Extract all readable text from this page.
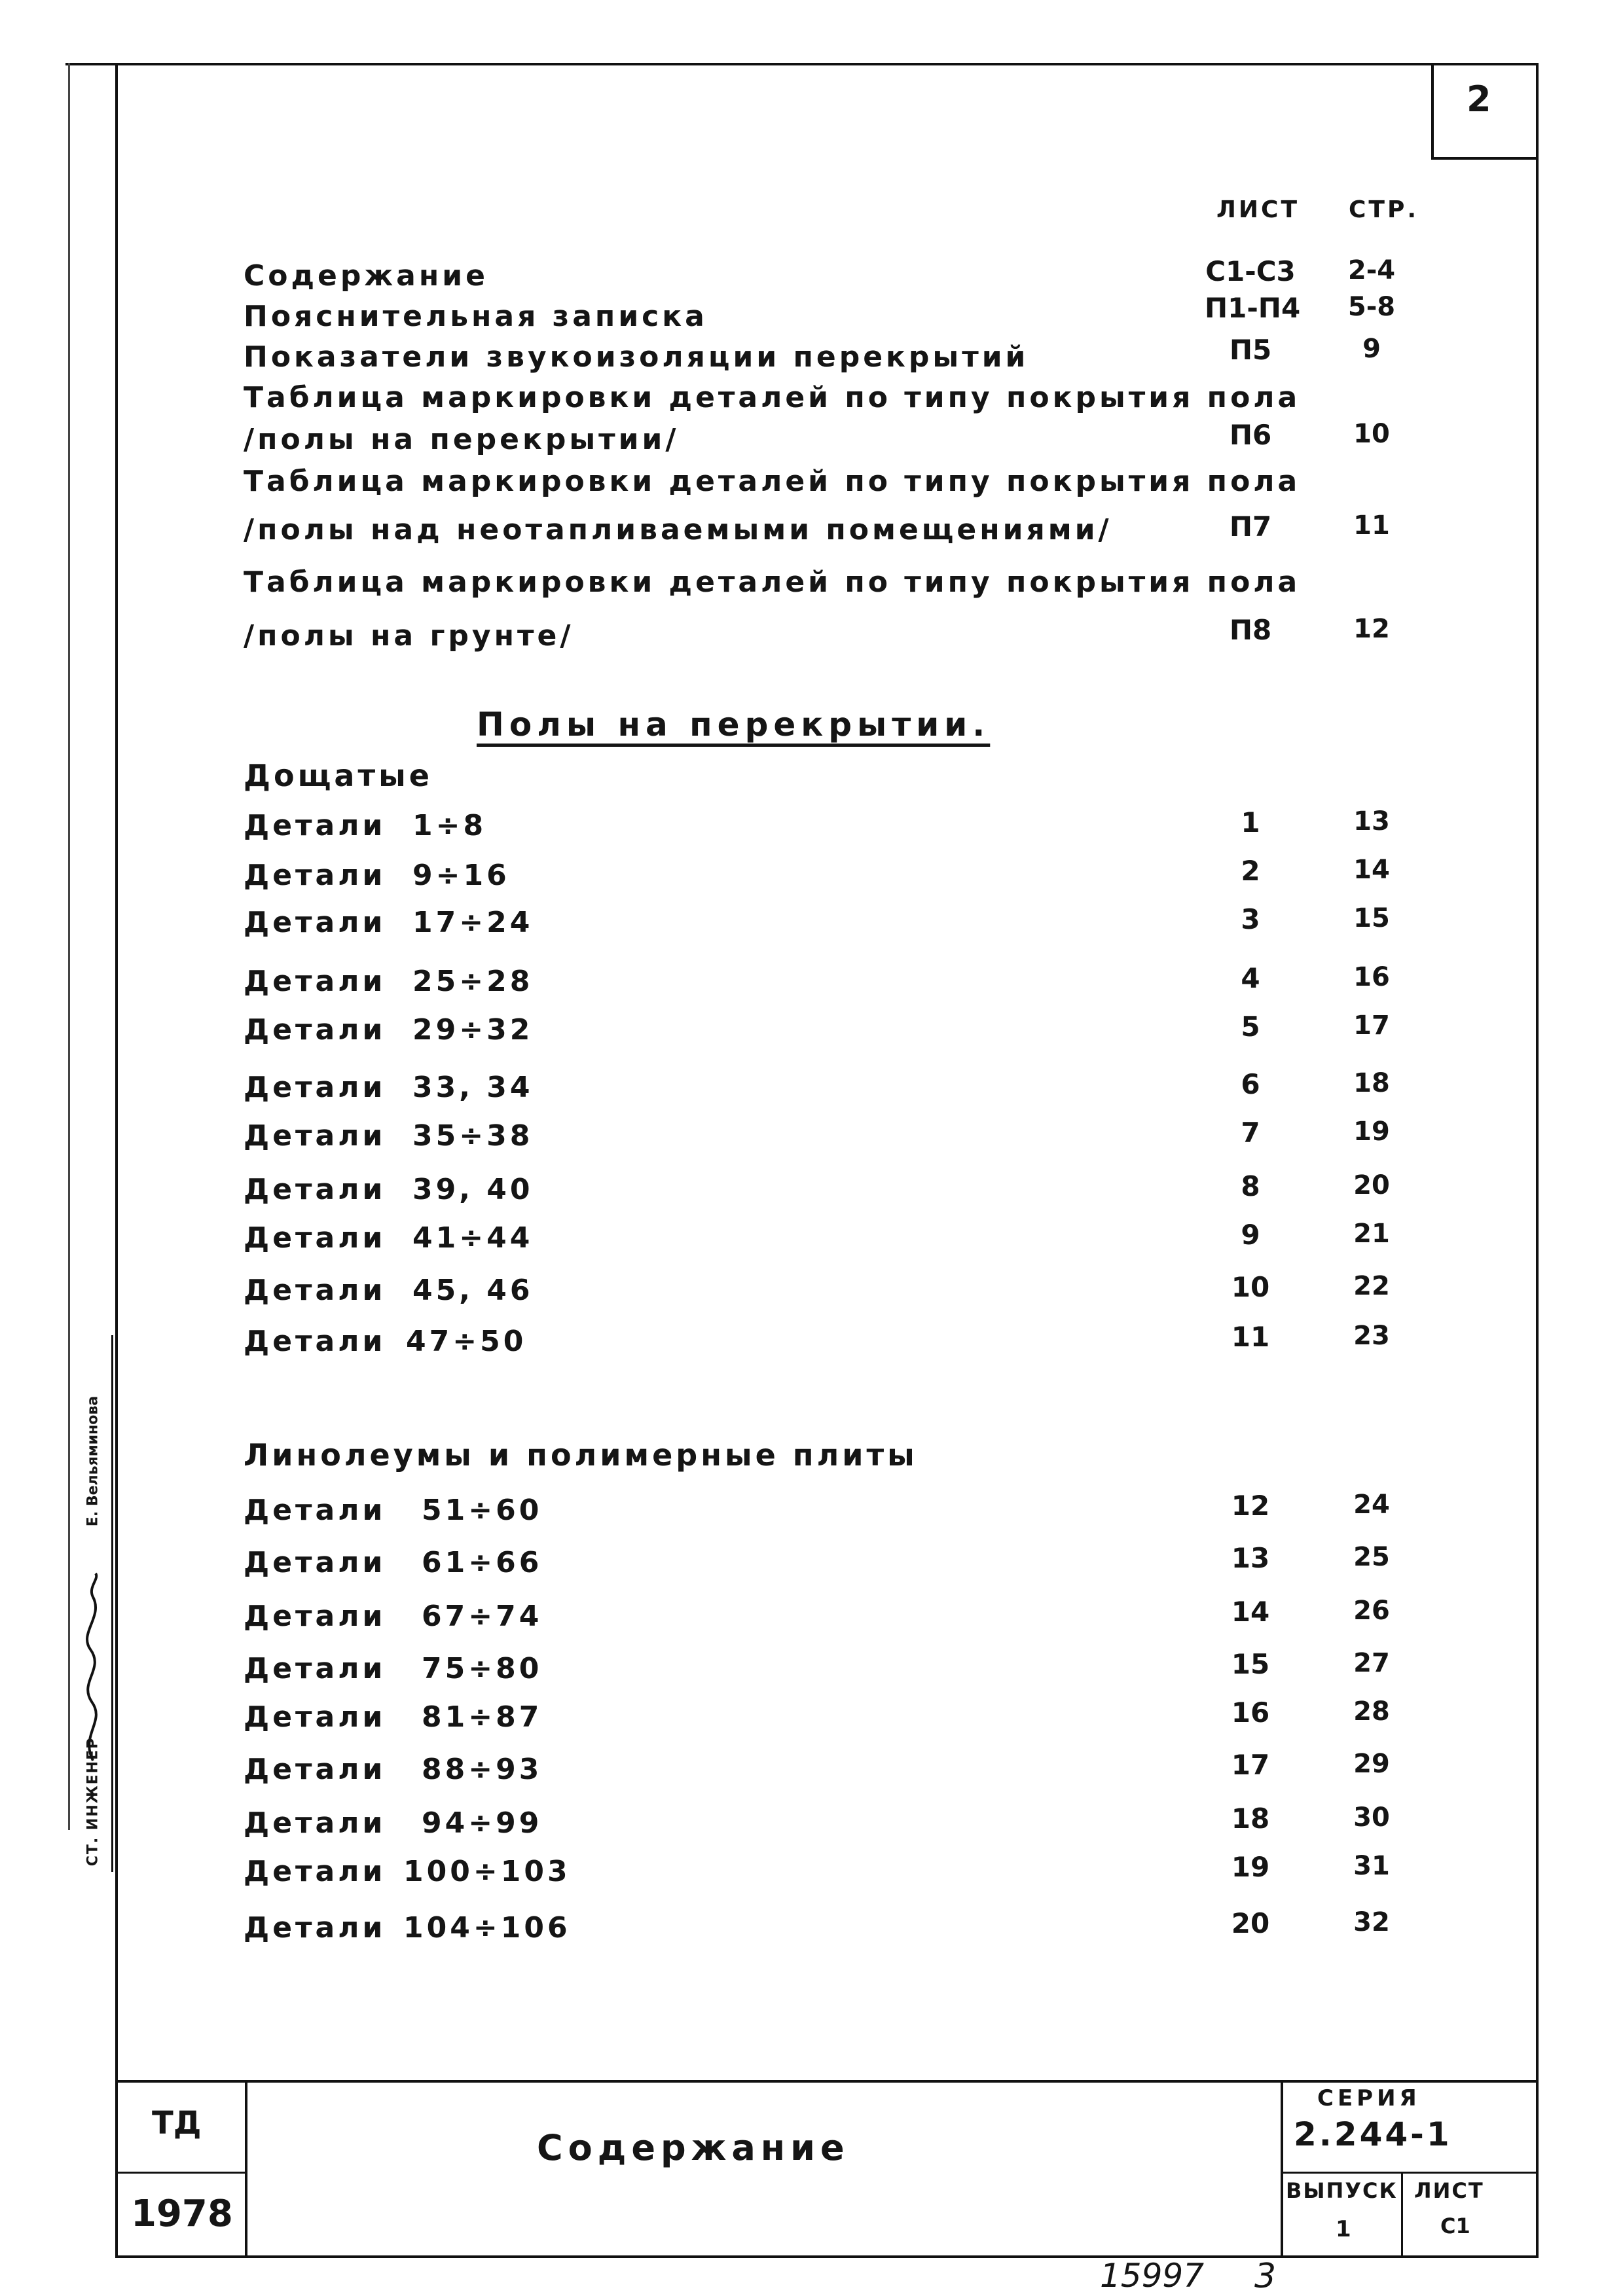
2
ЛИСТ СТР.
Содержание	С1-С3	2-4
Пояснительная записка	П1-П4	5-8
Показатели звукоизоляции перекрытий	П5	9
Таблица маркировки деталей по типу покрытия пола
/полы на перекрытии/	П6	10
Таблица маркировки деталей по типу покрытия пола
/полы над неотапливаемыми помещениями/	П7	11
Таблица маркировки деталей по типу покрытия пола
/полы на грунте/	П8	12
Полы на перекрытии.
Дощатые
Детали 1÷8	1	13
Детали 9÷16	2	14
Детали 17÷24	3	15
Детали 25÷28	4	16
Детали 29÷32	5	17
Детали 33, 34	6	18
Детали 35÷38	7	19
Детали 39, 40	8	20
Детали 41÷44	9	21
Детали 45, 46	10	22
Детали 47÷50	11	23
Линолеумы и полимерные плиты
Детали 51÷60	12	24
Детали 61÷66	13	25
Детали 67÷74	14	26
Детали 75÷80	15	27
Детали 81÷87	16	28
Детали 88÷93	17	29
Детали 94÷99	18	30
Детали 100÷103	19	31
Детали 104÷106	20	32
СТ. ИНЖЕНЕР
Е. Вельяминова
ТД
1978
Содержание
СЕРИЯ
2.244-1
ВЫПУСК
1
ЛИСТ
С1
15997 3
